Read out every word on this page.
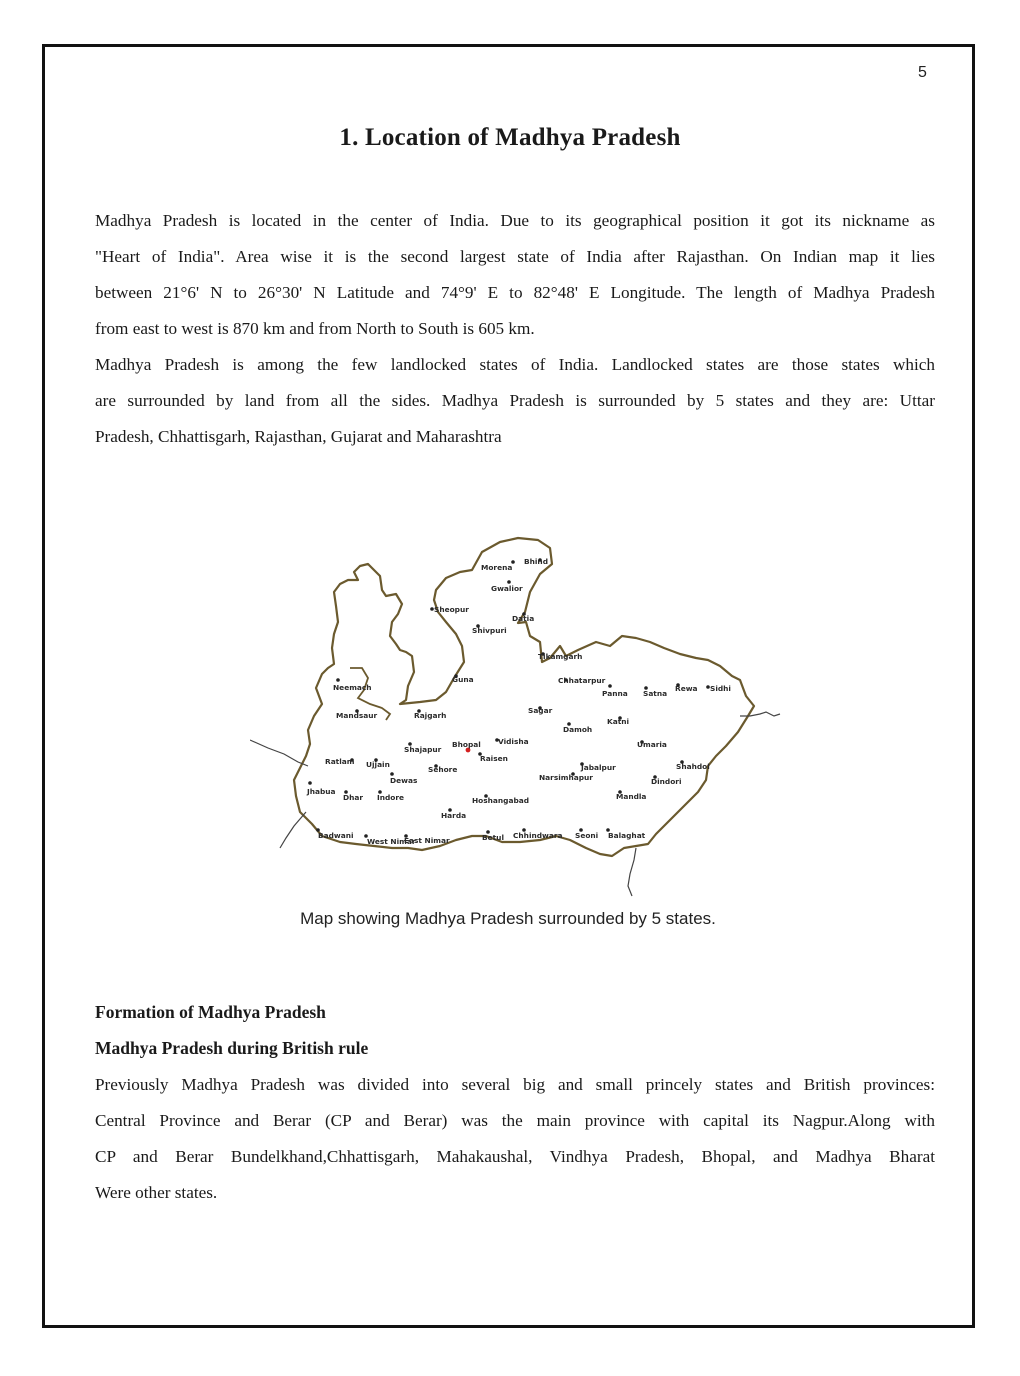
5
1. Location of Madhya Pradesh

Madhya Pradesh is located in the center of India. Due to its geographical position it got its nickname as
"Heart of India". Area wise it is the second largest state of India after Rajasthan. On Indian map it lies
between 21°6' N to 26°30' N Latitude and 74°9' E to 82°48' E Longitude. The length of Madhya Pradesh
from east to west is 870 km and from North to South is 605 km.

Madhya Pradesh is among the few landlocked states of India. Landlocked states are those states which
are surrounded by land from all the sides. Madhya Pradesh is surrounded by 5 states and they are: Uttar
Pradesh, Chhattisgarh, Rajasthan, Gujarat and Maharashtra

Bhind
Morena
Gwalior
Sheopur
Datia
Shivpuri
Tikamgarh
Neemach
Guna	Chhatarpur
Panna Satna
Rewa Sidhi
Mandsaur	Rajgarh
Sagar
Katni
Damoh
Vidisha	Umaria
Shajapur
Bhopal
Raisen
Ratlam Ujjain
Sehore	Jabalpur	Shahdol
Dewas	Narsimhapur	Dindori
Jhabua
Dhar Indore	Hoshangabad	Mandla
Harda
Badwani
West Nimar
East Nimar	Betul Chhindwara Seoni Balaghat
Map showing Madhya Pradesh surrounded by 5 states.
Formation of Madhya Pradesh
Madhya Pradesh during British rule

Previously Madhya Pradesh was divided into several big and small princely states and British provinces:
Central Province and Berar (CP and Berar) was the main province with capital its Nagpur.Along with
CP and Berar Bundelkhand,Chhattisgarh, Mahakaushal, Vindhya Pradesh, Bhopal, and Madhya Bharat
Were other states.
